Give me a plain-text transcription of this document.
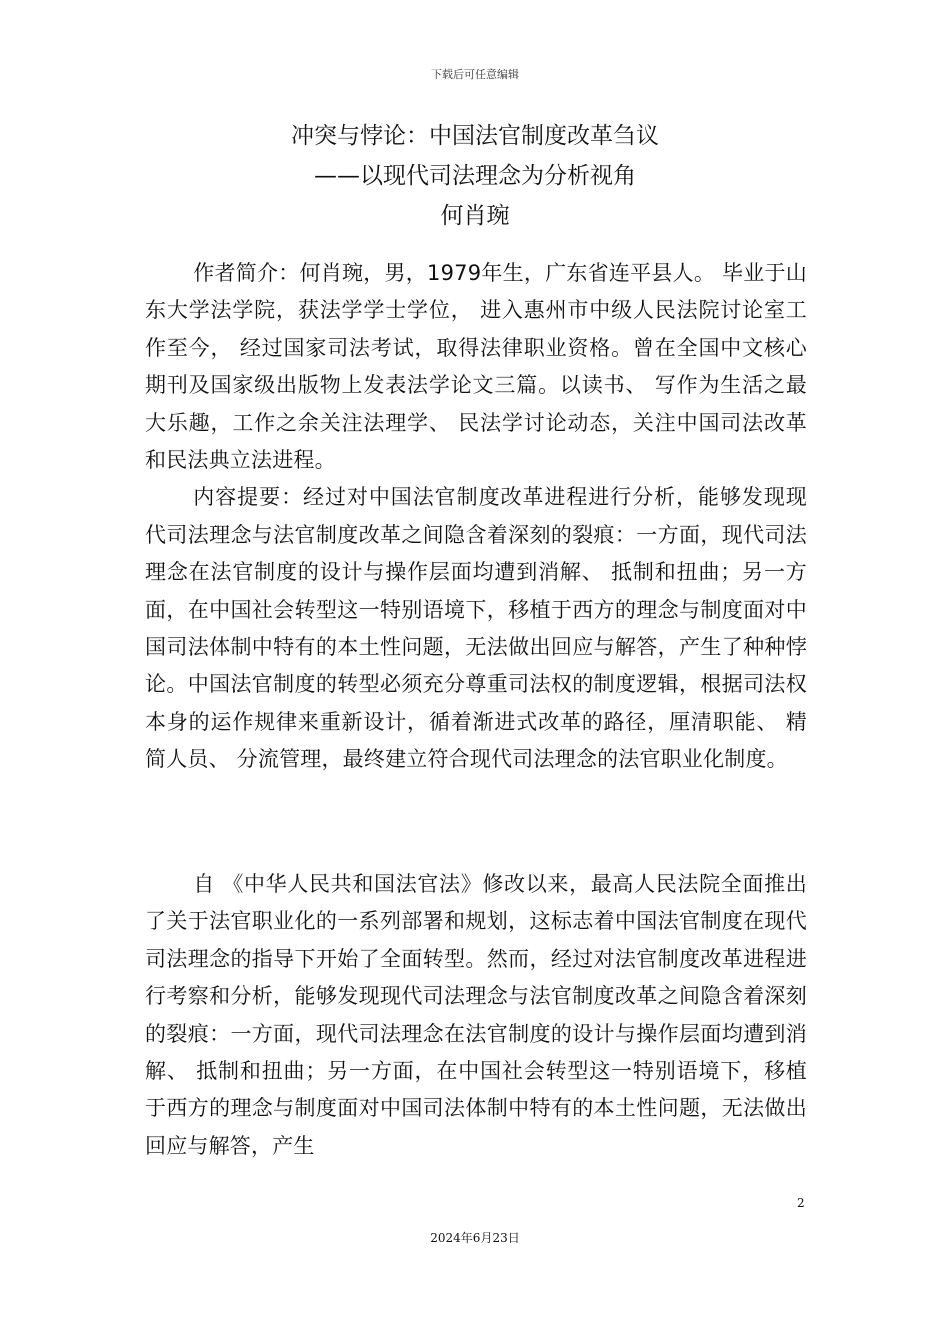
下载后可任意编辑
冲突与悖论：中国法官制度改革刍议
——以现代司法理念为分析视角
何肖琬

作者简介：何肖琬，男，1979年生，广东省连平县人。 毕业于山东大学法学院，获法学学士学位， 进入惠州市中级人民法院讨论室工作至今， 经过国家司法考试，取得法律职业资格。曾在全国中文核心期刊及国家级出版物上发表法学论文三篇。以读书、 写作为生活之最大乐趣，工作之余关注法理学、 民法学讨论动态，关注中国司法改革和民法典立法进程。

内容提要：经过对中国法官制度改革进程进行分析，能够发现现代司法理念与法官制度改革之间隐含着深刻的裂痕：一方面，现代司法理念在法官制度的设计与操作层面均遭到消解、 抵制和扭曲；另一方面，在中国社会转型这一特别语境下，移植于西方的理念与制度面对中国司法体制中特有的本土性问题，无法做出回应与解答，产生了种种悖论。中国法官制度的转型必须充分尊重司法权的制度逻辑，根据司法权本身的运作规律来重新设计，循着渐进式改革的路径，厘清职能、 精简人员、 分流管理，最终建立符合现代司法理念的法官职业化制度。

自 《中华人民共和国法官法》修改以来，最高人民法院全面推出了关于法官职业化的一系列部署和规划，这标志着中国法官制度在现代司法理念的指导下开始了全面转型。然而，经过对法官制度改革进程进行考察和分析，能够发现现代司法理念与法官制度改革之间隐含着深刻的裂痕：一方面，现代司法理念在法官制度的设计与操作层面均遭到消解、 抵制和扭曲；另一方面，在中国社会转型这一特别语境下，移植于西方的理念与制度面对中国司法体制中特有的本土性问题，无法做出回应与解答，产生

2
2024年6月23日
